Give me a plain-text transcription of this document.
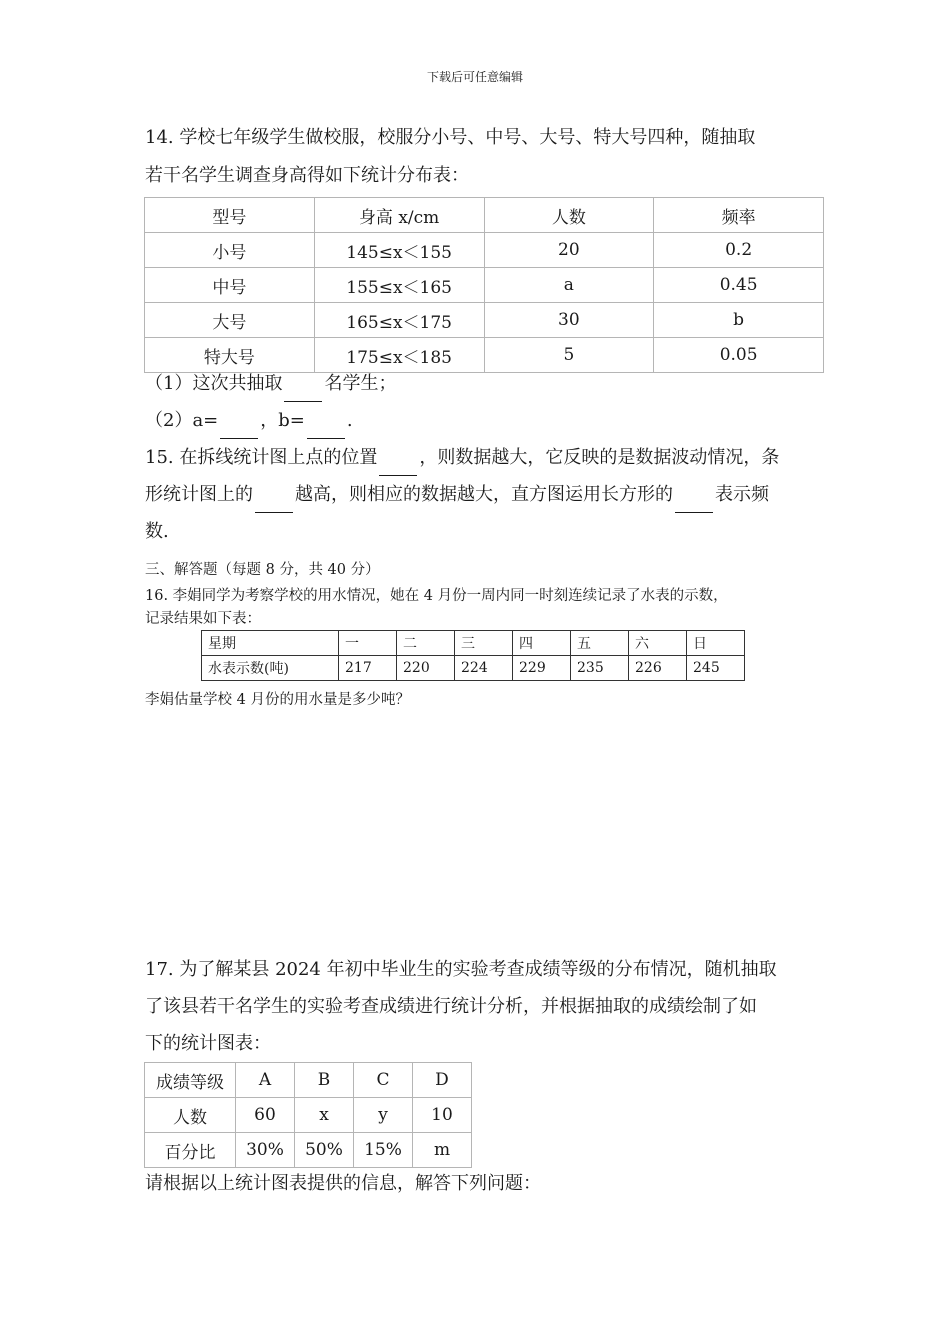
下载后可任意编辑
14. 学校七年级学生做校服，校服分小号、中号、大号、特大号四种，随抽取
若干名学生调查身高得如下统计分布表：
型号	身高 x/cm	人数	频率
小号	145≤x＜155	20	0.2
中号	155≤x＜165	a	0.45
大号	165≤x＜175	30	b
特大号	175≤x＜185	5	0.05
（1）这次共抽取 名学生；
（2）a= ，b= .
15. 在拆线统计图上点的位置 ，则数据越大，它反映的是数据波动情况，条
形统计图上的 越高，则相应的数据越大，直方图运用长方形的 表示频
数.
三、解答题（每题 8 分，共 40 分）
16. 李娟同学为考察学校的用水情况，她在 4 月份一周内同一时刻连续记录了水表的示数，
记录结果如下表：
星期	一	二	三	四	五	六	日
水表示数(吨)	217	220	224	229	235	226	245
李娟估量学校 4 月份的用水量是多少吨？
17. 为了解某县 2024 年初中毕业生的实验考查成绩等级的分布情况，随机抽取
了该县若干名学生的实验考查成绩进行统计分析，并根据抽取的成绩绘制了如
下的统计图表：
成绩等级	A	B	C	D
人数	60	x	y	10
百分比	30%	50%	15%	m
请根据以上统计图表提供的信息，解答下列问题：
